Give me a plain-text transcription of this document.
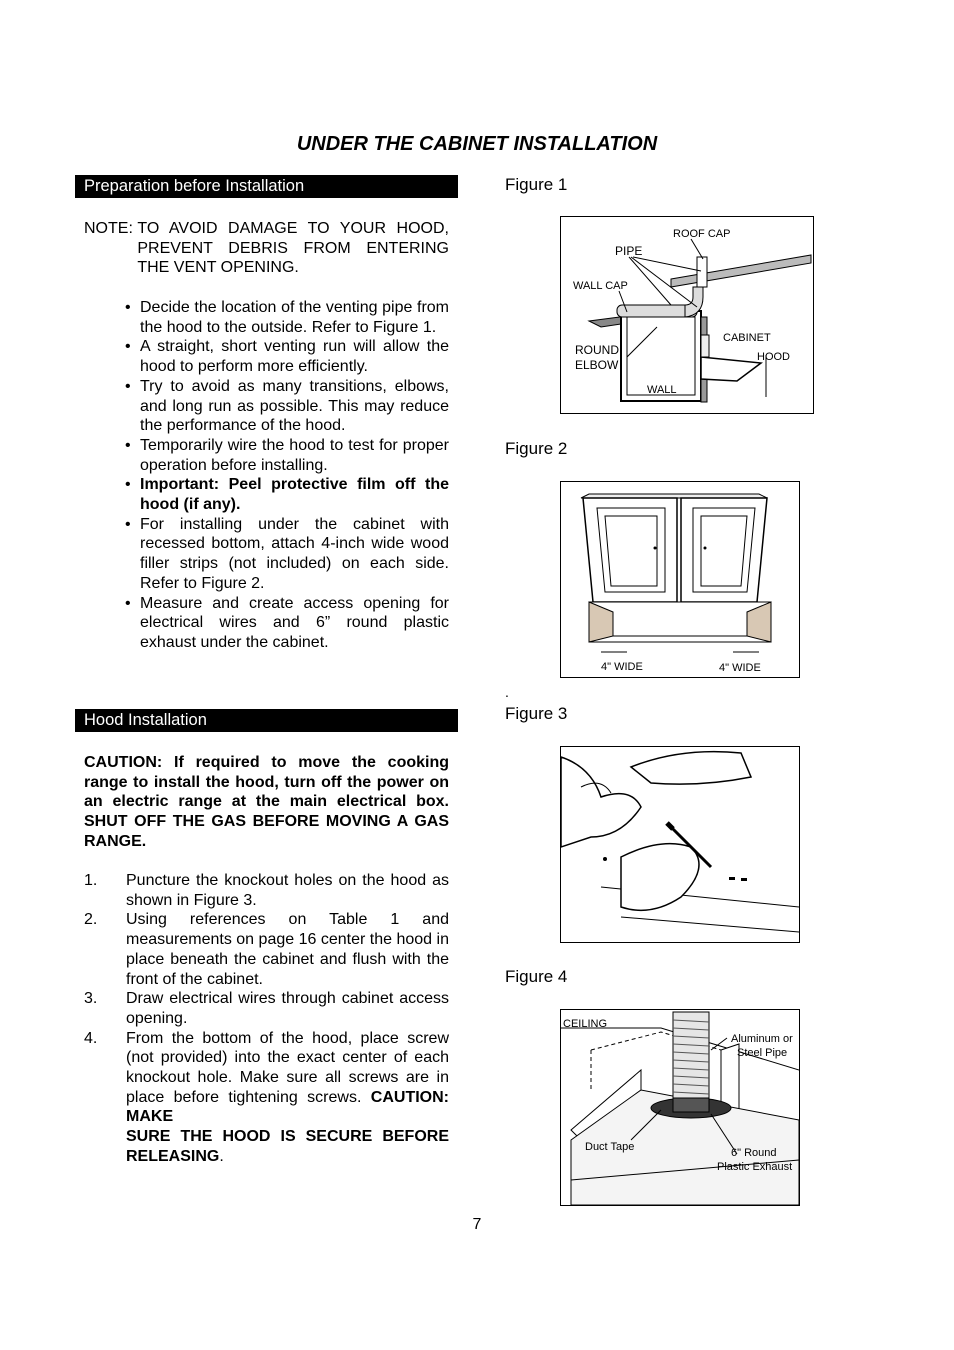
UNDER THE CABINET INSTALLATION
Preparation before Installation
NOTE: TO AVOID DAMAGE TO YOUR HOOD, PREVENT DEBRIS FROM ENTERING THE VENT OPENING.
• Decide the location of the venting pipe from the hood to the outside. Refer to Figure 1.
• A straight, short venting run will allow the hood to perform more efficiently.
• Try to avoid as many transitions, elbows, and long run as possible. This may reduce the performance of the hood.
• Temporarily wire the hood to test for proper operation before installing.
• Important: Peel protective film off the hood (if any).
• For installing under the cabinet with recessed bottom, attach 4-inch wide wood filler strips (not included) on each side. Refer to Figure 2.
• Measure and create access opening for electrical wires and 6” round plastic exhaust under the cabinet.
Hood Installation
CAUTION: If required to move the cooking range to install the hood, turn off the power on an electric range at the main electrical box. SHUT OFF THE GAS BEFORE MOVING A GAS RANGE.
1. Puncture the knockout holes on the hood as shown in Figure 3.
2. Using references on Table 1 and measurements on page 16 center the hood in place beneath the cabinet and flush with the front of the cabinet.
3. Draw electrical wires through cabinet access opening.
4. From the bottom of the hood, place screw (not provided) into the exact center of each knockout hole. Make sure all screws are in place before tightening screws. CAUTION: MAKE
SURE THE HOOD IS SECURE BEFORE RELEASING.
Figure 1
ROOF CAP
PIPE
WALL CAP
CABINET
ROUND
ELBOW
HOOD
WALL
Figure 2
4" WIDE	4" WIDE
.
Figure 3
Figure 4
CEILING
Aluminum or
Steel Pipe
Duct Tape	6" Round
Plastic Exhaust
7
